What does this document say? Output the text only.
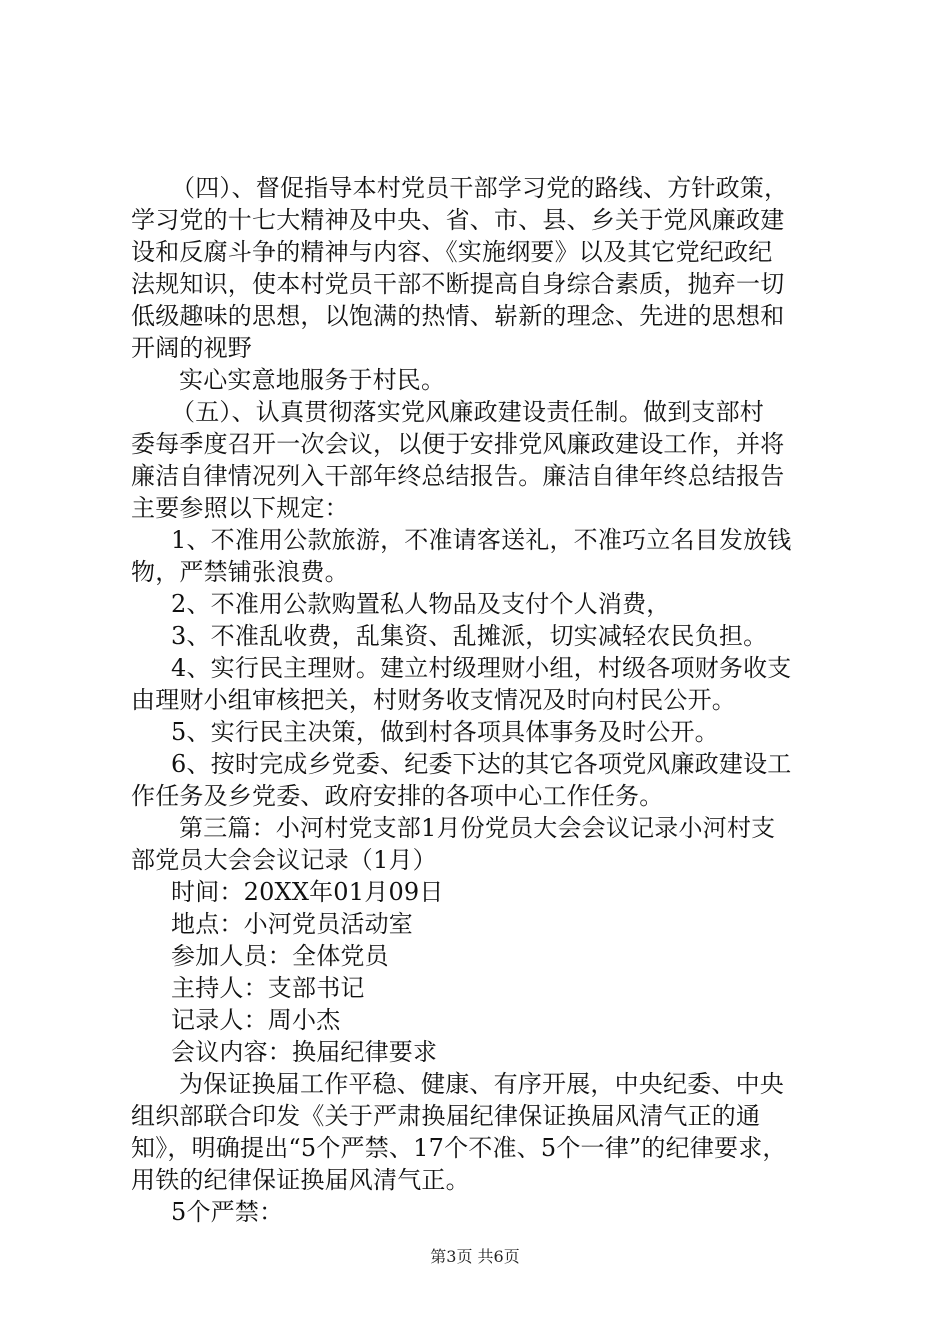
（四）、督促指导本村党员干部学习党的路线、方针政策，
学习党的十七大精神及中央、省、市、县、乡关于党风廉政建
设和反腐斗争的精神与内容、《实施纲要》以及其它党纪政纪
法规知识，使本村党员干部不断提高自身综合素质，抛弃一切
低级趣味的思想，以饱满的热情、崭新的理念、先进的思想和
开阔的视野
实心实意地服务于村民。
（五）、认真贯彻落实党风廉政建设责任制。做到支部村
委每季度召开一次会议，以便于安排党风廉政建设工作，并将
廉洁自律情况列入干部年终总结报告。廉洁自律年终总结报告
主要参照以下规定：
1、不准用公款旅游，不准请客送礼，不准巧立名目发放钱
物，严禁铺张浪费。
2、不准用公款购置私人物品及支付个人消费，
3、不准乱收费，乱集资、乱摊派，切实减轻农民负担。
4、实行民主理财。建立村级理财小组，村级各项财务收支
由理财小组审核把关，村财务收支情况及时向村民公开。
5、实行民主决策，做到村各项具体事务及时公开。
6、按时完成乡党委、纪委下达的其它各项党风廉政建设工
作任务及乡党委、政府安排的各项中心工作任务。
第三篇：小河村党支部1月份党员大会会议记录小河村支
部党员大会会议记录（1月）
时间：20XX年01月09日
地点：小河党员活动室
参加人员：全体党员
主持人：支部书记
记录人：周小杰
会议内容：换届纪律要求
为保证换届工作平稳、健康、有序开展，中央纪委、中央
组织部联合印发《关于严肃换届纪律保证换届风清气正的通
知》，明确提出“5个严禁、17个不准、5个一律”的纪律要求，
用铁的纪律保证换届风清气正。
5个严禁：
第3页 共6页
